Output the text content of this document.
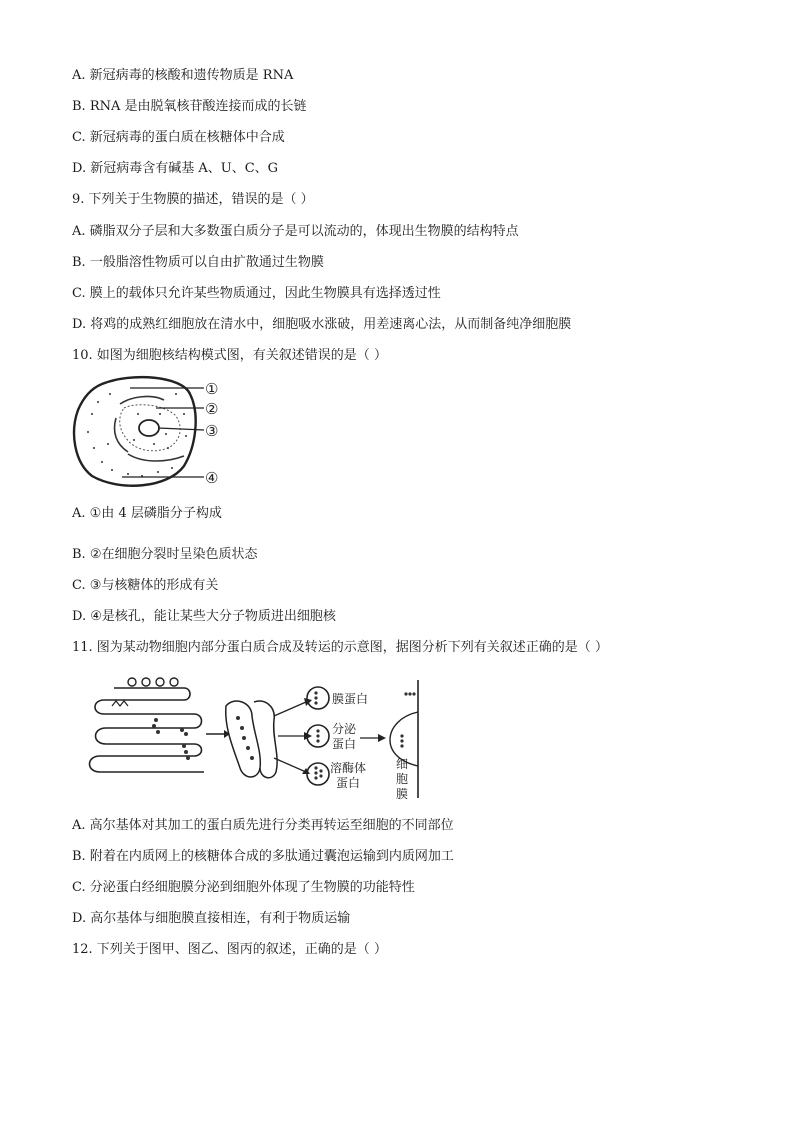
A. 新冠病毒的核酸和遗传物质是 RNA
B. RNA 是由脱氧核苷酸连接而成的长链
C. 新冠病毒的蛋白质在核糖体中合成
D. 新冠病毒含有碱基 A、U、C、G
9. 下列关于生物膜的描述，错误的是（ ）
A. 磷脂双分子层和大多数蛋白质分子是可以流动的，体现出生物膜的结构特点
B. 一般脂溶性物质可以自由扩散通过生物膜
C. 膜上的载体只允许某些物质通过，因此生物膜具有选择透过性
D. 将鸡的成熟红细胞放在清水中，细胞吸水涨破，用差速离心法，从而制备纯净细胞膜
10. 如图为细胞核结构模式图，有关叙述错误的是（ ）
①
②
③
④
A. ①由 4 层磷脂分子构成
B. ②在细胞分裂时呈染色质状态
C. ③与核糖体的形成有关
D. ④是核孔，能让某些大分子物质进出细胞核
11. 图为某动物细胞内部分蛋白质合成及转运的示意图，据图分析下列有关叙述正确的是（ ）
膜蛋白
分泌
蛋白
溶酶体
蛋白
细
胞
膜
A. 高尔基体对其加工的蛋白质先进行分类再转运至细胞的不同部位
B. 附着在内质网上的核糖体合成的多肽通过囊泡运输到内质网加工
C. 分泌蛋白经细胞膜分泌到细胞外体现了生物膜的功能特性
D. 高尔基体与细胞膜直接相连，有利于物质运输
12. 下列关于图甲、图乙、图丙的叙述，正确的是（ ）
